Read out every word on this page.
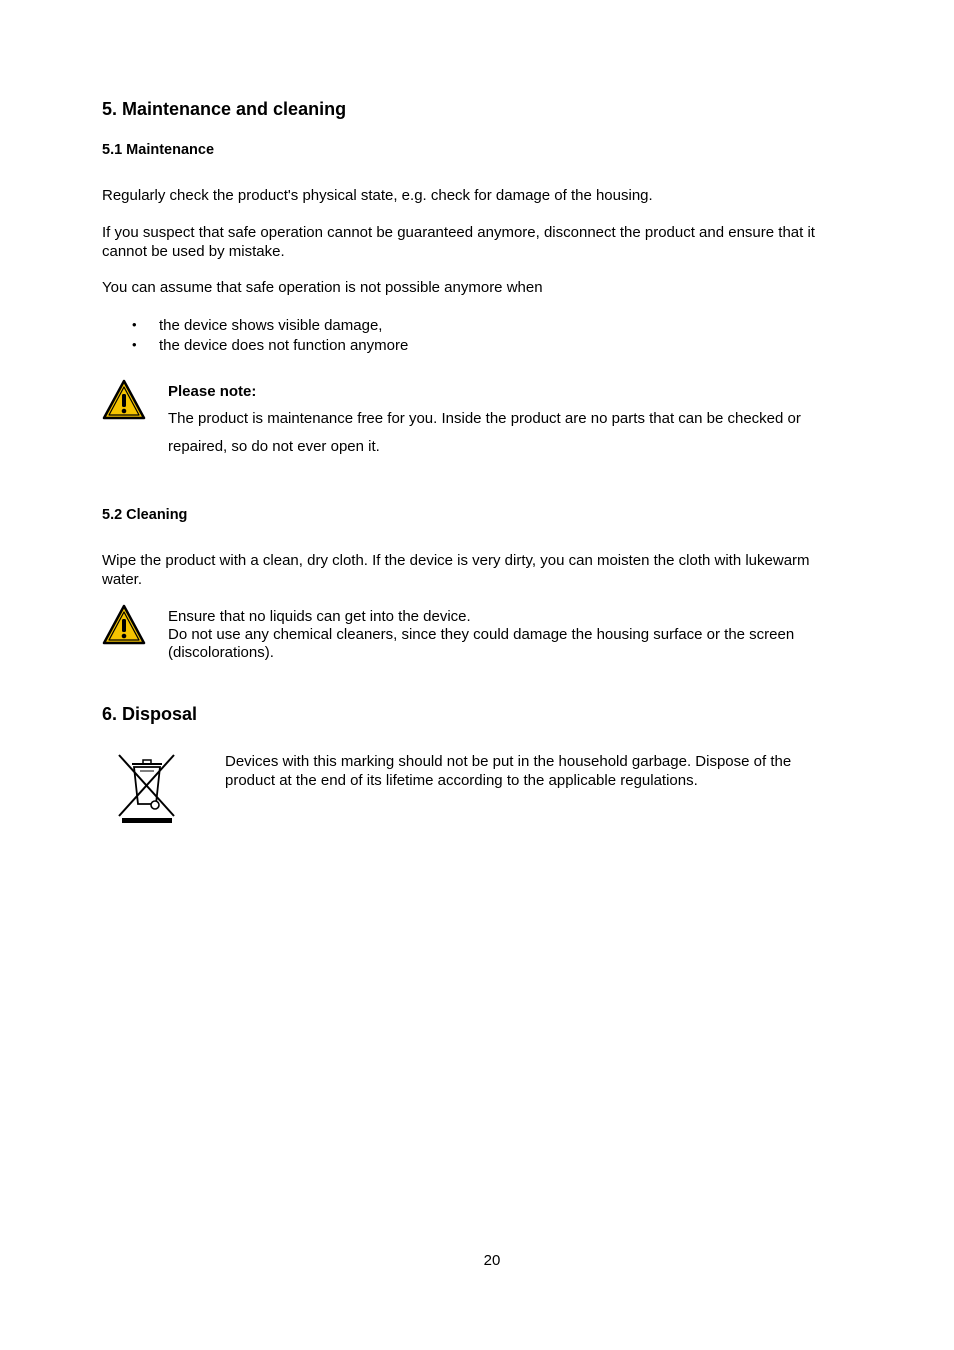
5. Maintenance and cleaning
5.1 Maintenance
Regularly check the product's physical state, e.g. check for damage of the housing.
If you suspect that safe operation cannot be guaranteed anymore, disconnect the product and ensure that it
cannot be used by mistake.
You can assume that safe operation is not possible anymore when
• the device shows visible damage,
• the device does not function anymore
Please note:
The product is maintenance free for you. Inside the product are no parts that can be checked or
repaired, so do not ever open it.
5.2 Cleaning
Wipe the product with a clean, dry cloth. If the device is very dirty, you can moisten the cloth with lukewarm
water.
Ensure that no liquids can get into the device.
Do not use any chemical cleaners, since they could damage the housing surface or the screen
(discolorations).
6. Disposal
Devices with this marking should not be put in the household garbage. Dispose of the
product at the end of its lifetime according to the applicable regulations.
20
